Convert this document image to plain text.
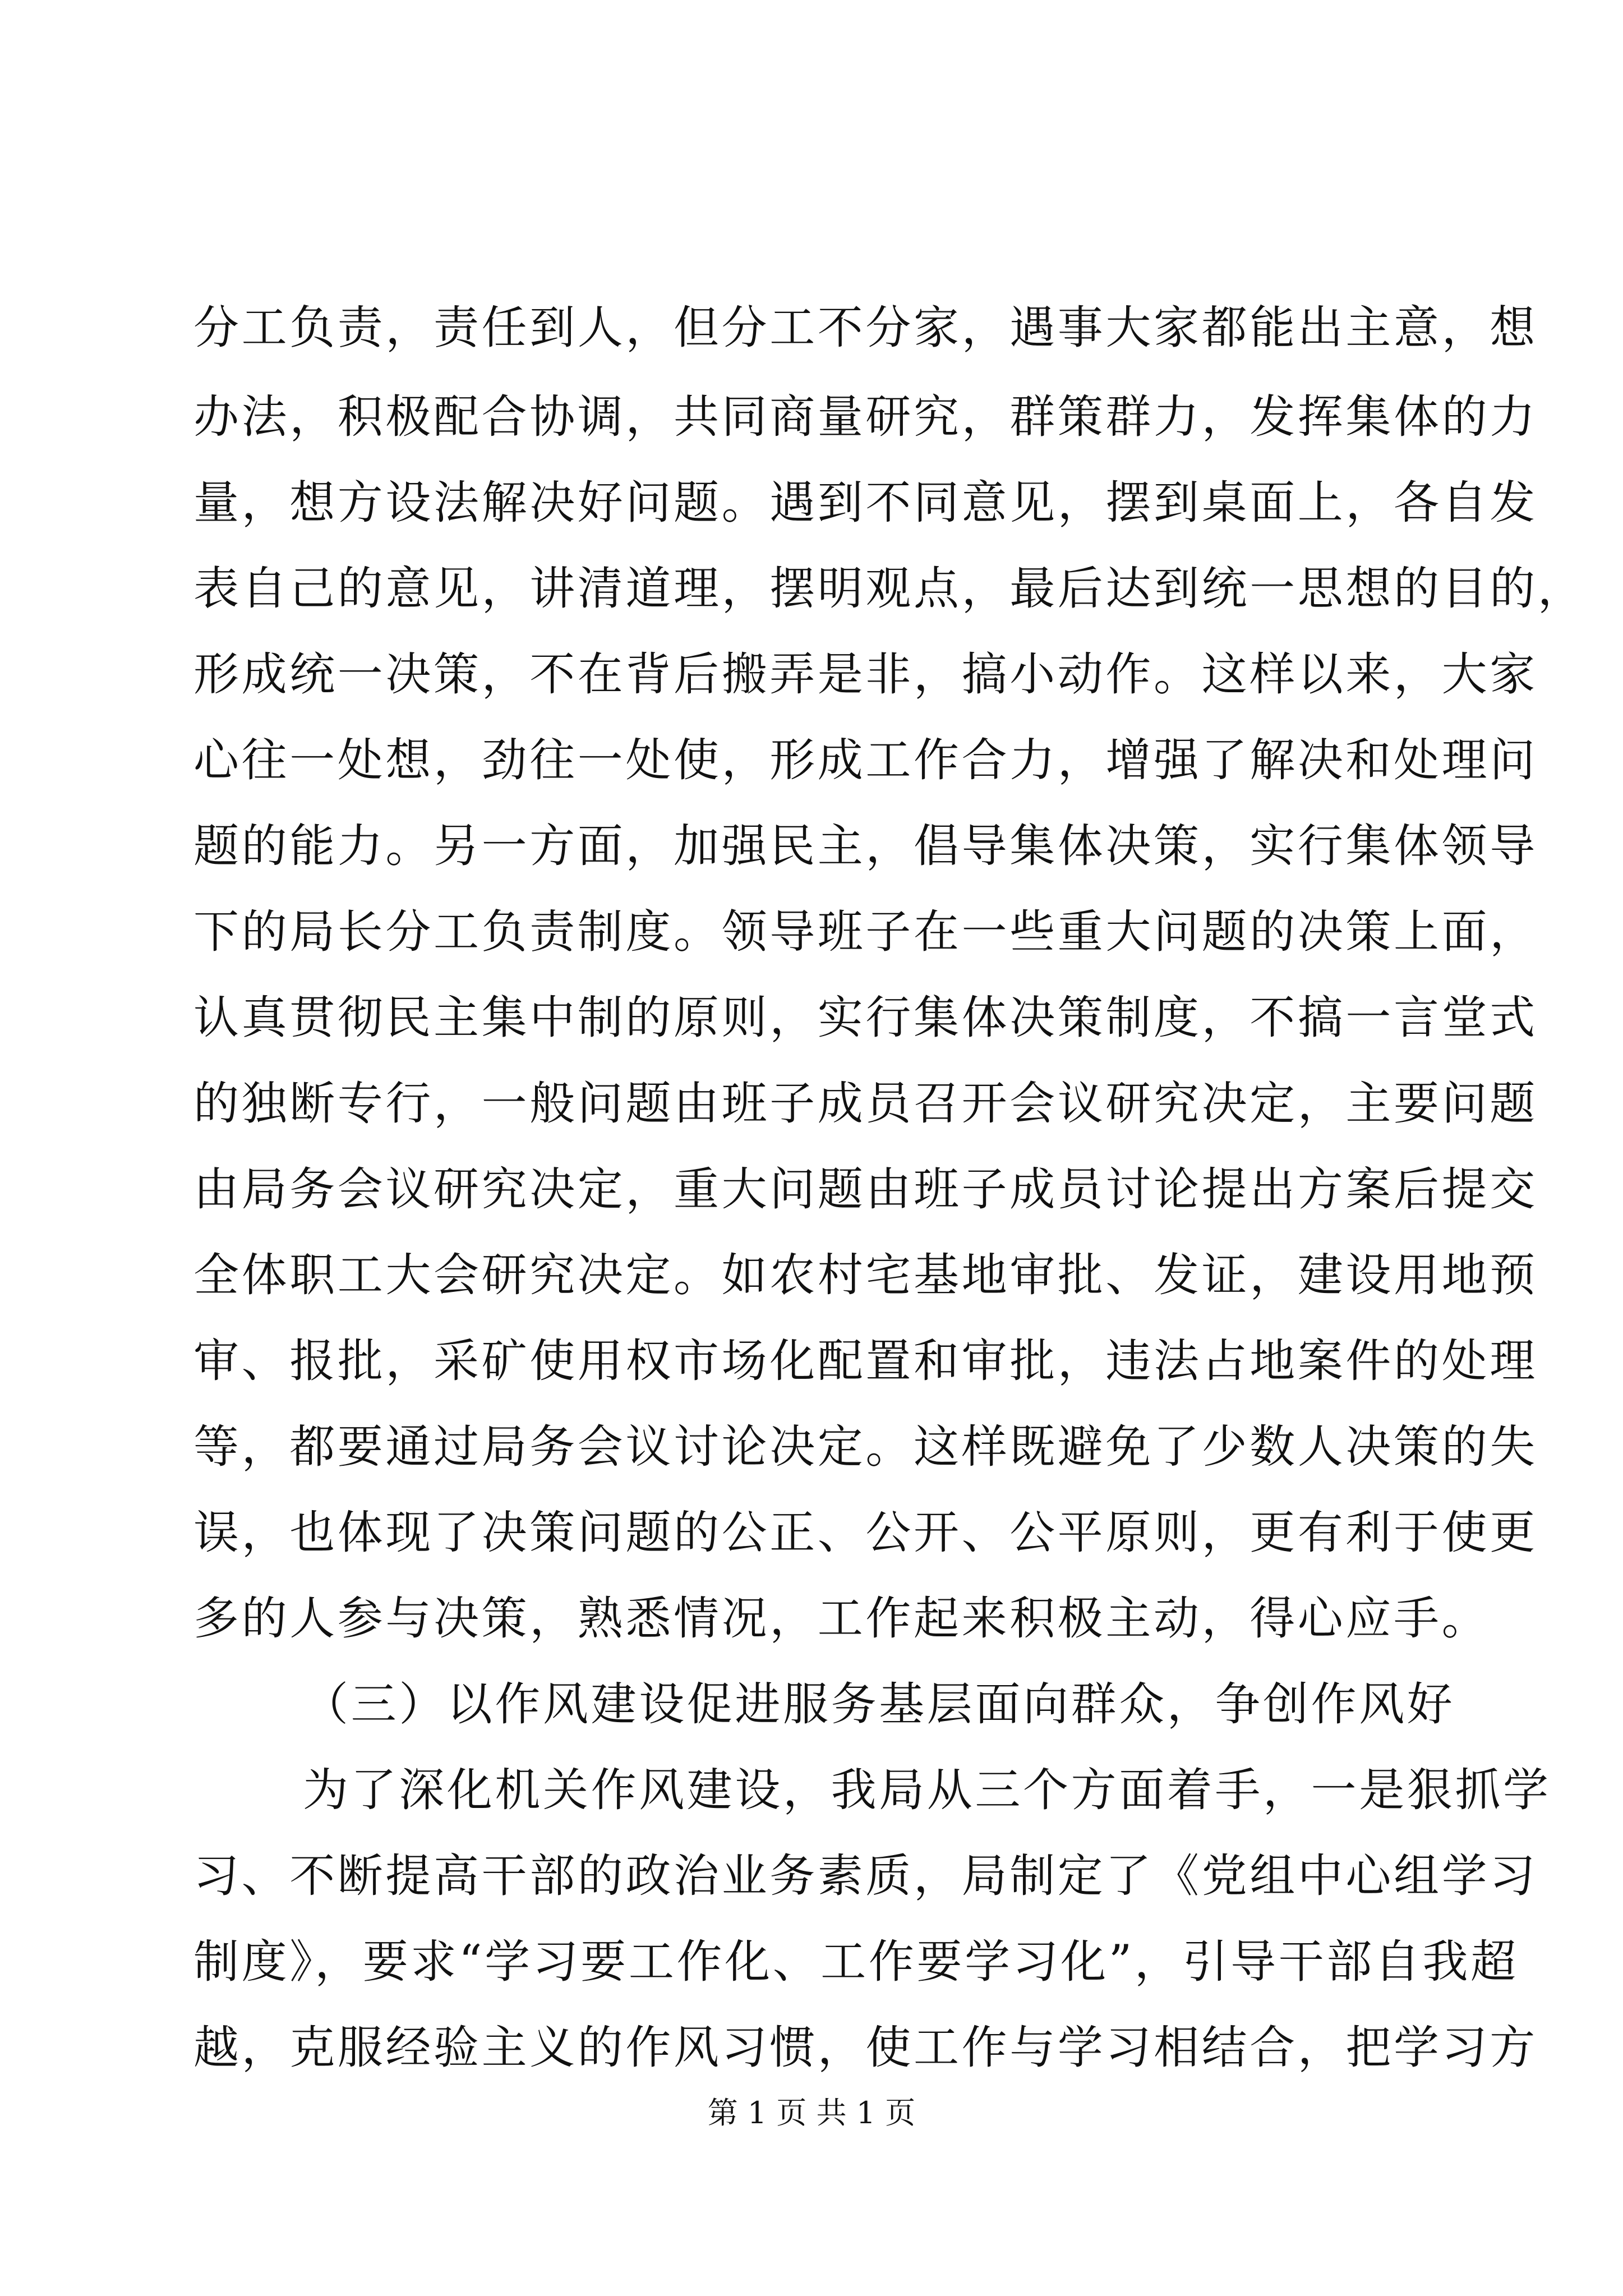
分工负责，责任到人，但分工不分家，遇事大家都能出主意，想
办法，积极配合协调，共同商量研究，群策群力，发挥集体的力
量，想方设法解决好问题。遇到不同意见，摆到桌面上，各自发
表自己的意见，讲清道理，摆明观点，最后达到统一思想的目的，
形成统一决策，不在背后搬弄是非，搞小动作。这样以来，大家
心往一处想，劲往一处使，形成工作合力，增强了解决和处理问
题的能力。另一方面，加强民主，倡导集体决策，实行集体领导
下的局长分工负责制度。领导班子在一些重大问题的决策上面，
认真贯彻民主集中制的原则，实行集体决策制度，不搞一言堂式
的独断专行，一般问题由班子成员召开会议研究决定，主要问题
由局务会议研究决定，重大问题由班子成员讨论提出方案后提交
全体职工大会研究决定。如农村宅基地审批、发证，建设用地预
审、报批，采矿使用权市场化配置和审批，违法占地案件的处理
等，都要通过局务会议讨论决定。这样既避免了少数人决策的失
误，也体现了决策问题的公正、公开、公平原则，更有利于使更
多的人参与决策，熟悉情况，工作起来积极主动，得心应手。
（三）以作风建设促进服务基层面向群众，争创作风好
为了深化机关作风建设，我局从三个方面着手，一是狠抓学
习、不断提高干部的政治业务素质，局制定了《党组中心组学习
制度》，要求“学习要工作化、工作要学习化”，引导干部自我超
越，克服经验主义的作风习惯，使工作与学习相结合，把学习方
第 1 页 共 1 页
